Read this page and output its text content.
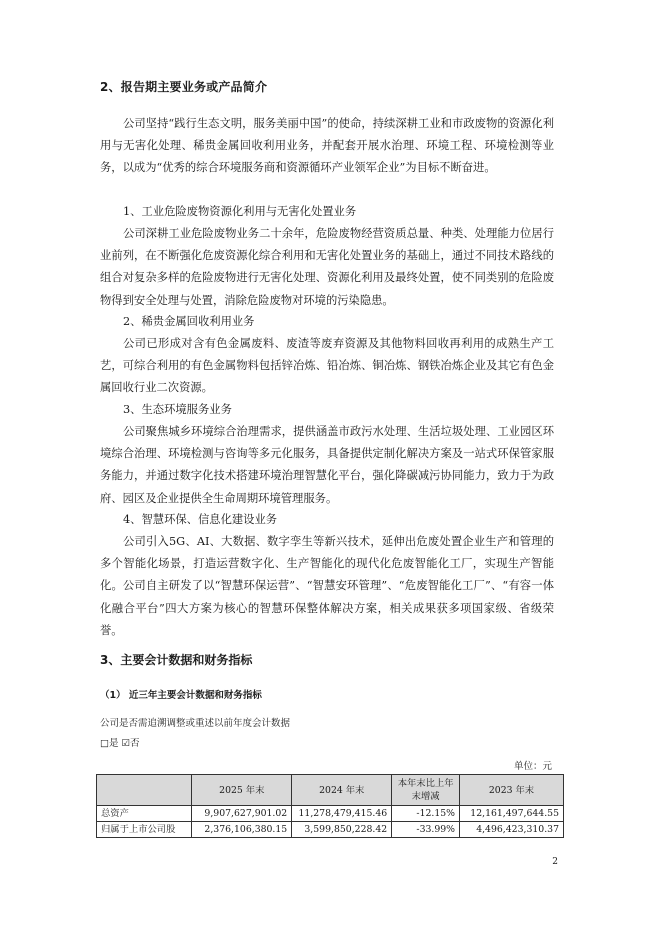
2、报告期主要业务或产品简介

公司坚持“践行生态文明，服务美丽中国”的使命，持续深耕工业和市政废物的资源化利用与无害化处理、稀贵金属回收利用业务，并配套开展水治理、环境工程、环境检测等业务，以成为“优秀的综合环境服务商和资源循环产业领军企业”为目标不断奋进。

1、工业危险废物资源化利用与无害化处置业务

公司深耕工业危险废物业务二十余年，危险废物经营资质总量、种类、处理能力位居行业前列，在不断强化危废资源化综合利用和无害化处置业务的基础上，通过不同技术路线的组合对复杂多样的危险废物进行无害化处理、资源化利用及最终处置，使不同类别的危险废物得到安全处理与处置，消除危险废物对环境的污染隐患。

2、稀贵金属回收利用业务

公司已形成对含有色金属废料、废渣等废弃资源及其他物料回收再利用的成熟生产工艺，可综合利用的有色金属物料包括锌冶炼、铅冶炼、铜冶炼、钢铁冶炼企业及其它有色金属回收行业二次资源。

3、生态环境服务业务

公司聚焦城乡环境综合治理需求，提供涵盖市政污水处理、生活垃圾处理、工业园区环境综合治理、环境检测与咨询等多元化服务，具备提供定制化解决方案及一站式环保管家服务能力，并通过数字化技术搭建环境治理智慧化平台，强化降碳减污协同能力，致力于为政府、园区及企业提供全生命周期环境管理服务。

4、智慧环保、信息化建设业务

公司引入5G、AI、大数据、数字孪生等新兴技术，延伸出危废处置企业生产和管理的多个智能化场景，打造运营数字化、生产智能化的现代化危废智能化工厂，实现生产智能化。公司自主研发了以“智慧环保运营”、“智慧安环管理”、“危废智能化工厂”、“有容一体化融合平台”四大方案为核心的智慧环保整体解决方案，相关成果获多项国家级、省级荣誉。

3、主要会计数据和财务指标
（1） 近三年主要会计数据和财务指标
公司是否需追溯调整或重述以前年度会计数据
□是 ☑否
单位：元
	2025 年末	2024 年末	本年末比上年末增减	2023 年末
总资产	9,907,627,901.02	11,278,479,415.46	-12.15%	12,161,497,644.55
归属于上市公司股	2,376,106,380.15	3,599,850,228.42	-33.99%	4,496,423,310.37
2
